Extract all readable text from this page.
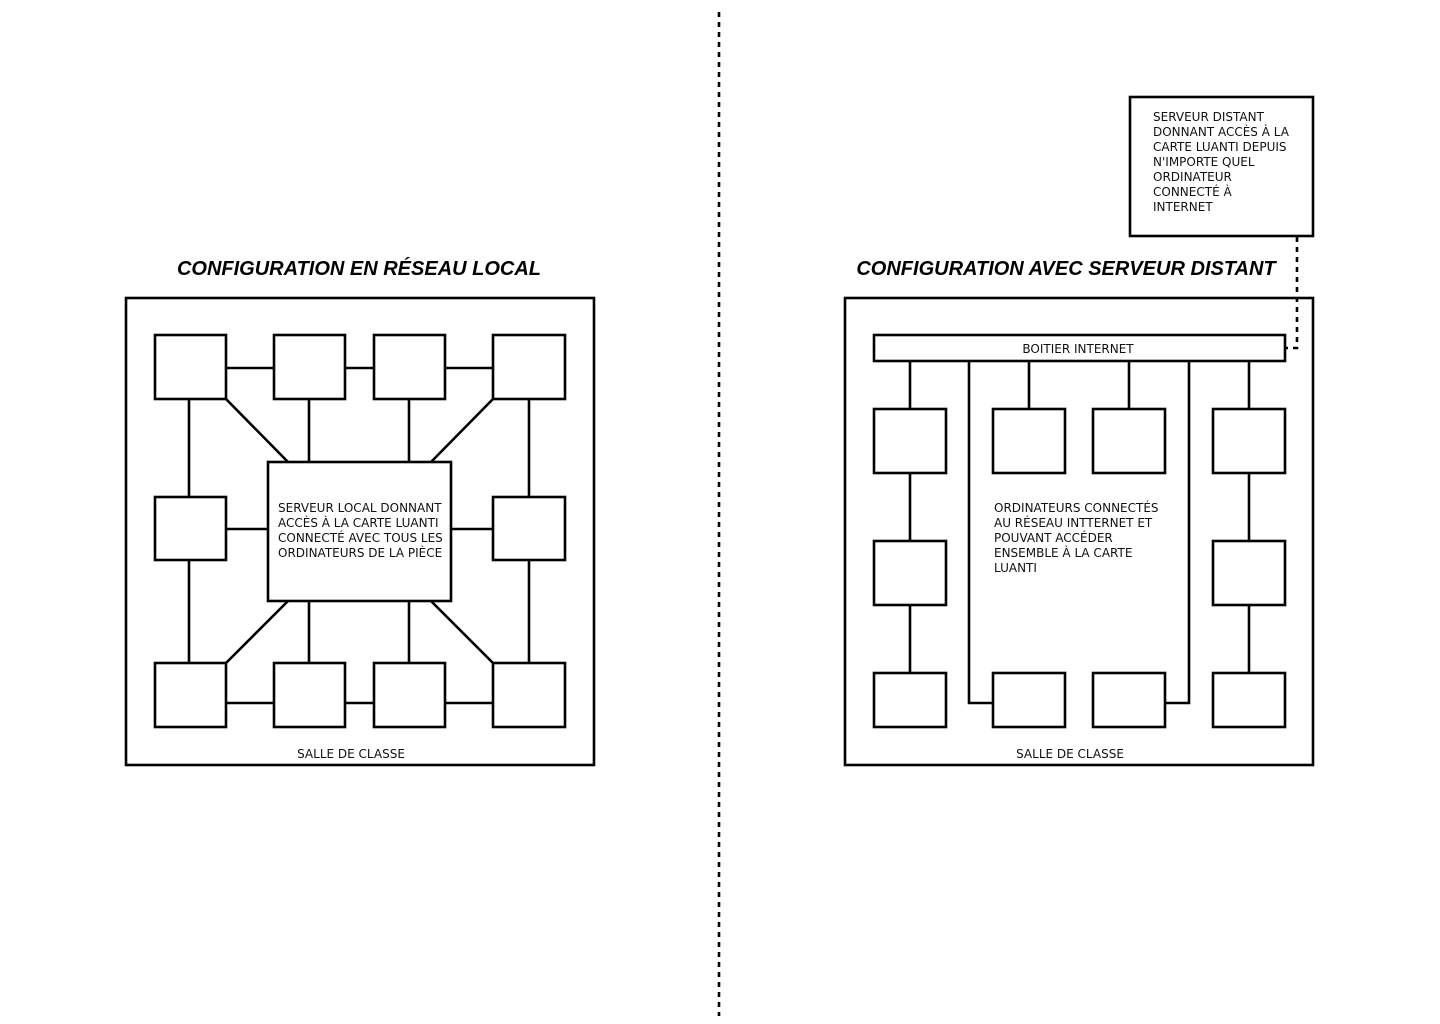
CONFIGURATION EN RÉSEAU LOCAL
SERVEUR LOCAL DONNANT ACCÈS À LA CARTE LUANTI CONNECTÉ AVEC TOUS LES ORDINATEURS DE LA PIÈCE
SALLE DE CLASSE
CONFIGURATION AVEC SERVEUR DISTANT
SERVEUR DISTANT DONNANT ACCÈS À LA CARTE LUANTI DEPUIS N'IMPORTE QUEL ORDINATEUR CONNECTÉ À INTERNET
BOITIER INTERNET
ORDINATEURS CONNECTÉS AU RÉSEAU INTTERNET ET POUVANT ACCÉDER ENSEMBLE À LA CARTE LUANTI
SALLE DE CLASSE
